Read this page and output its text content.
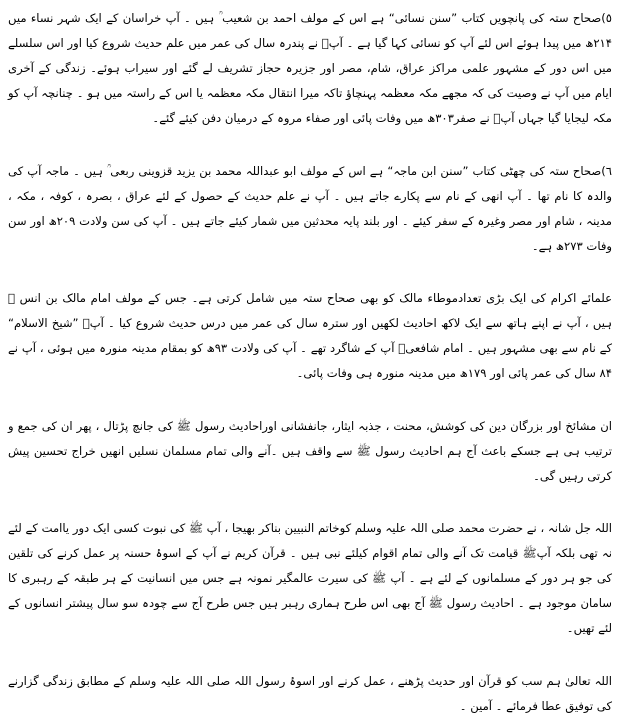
٥)صحاح ستہ کی پانچویں کتاب ”سنن نسائی“ ہے اس کے مولف احمد بن شعیب ؒ ہیں ۔ آپ خراسان کے ایک شہر نساء میں ۲۱۴ھ میں پیدا ہوئے اس لئے آپ کو نسائی کہا گیا ہے ۔ آپؒ نے پندرہ سال کی عمر میں علم حدیث شروع کیا اور اس سلسلے میں اس دور کے مشہور علمی مراکز عراق، شام، مصر اور جزیرہ حجاز تشریف لے گئے اور سیراب ہوئے۔ زندگی کے آخری ایام میں آپ نے وصیت کی کہ مجھے مکہ معظمہ پہنچاؤ تاکہ میرا انتقال مکہ معظمہ یا اس کے راستہ میں ہو ۔ چنانچہ آپ کو مکہ لیجایا گیا جہاں آپؒ نے صفر۳۰۳ھ میں وفات پائی اور صفاء مروہ کے درمیان دفن کیئے گئے۔

٦)صحاح ستہ کی چھٹی کتاب ”سنن ابن ماجہ“ ہے اس کے مولف ابو عبداللہ محمد بن یزید قزوینی ربعی ؒ ہیں ۔ ماجہ آپ کی والدہ کا نام تھا ۔ آپ انھی کے نام سے پکارے جاتے ہیں ۔ آپ نے علم حدیث کے حصول کے لئے عراق ، بصرہ ، کوفہ ، مکہ ، مدینہ ، شام اور مصر وغیرہ کے سفر کیئے ۔ اور بلند پایہ محدثین میں شمار کیئے جاتے ہیں ۔ آپ کی سن ولادت ۲۰۹ھ اور سن وفات ۲۷۳ھ ہے۔

علمائے اکرام کی ایک بڑی تعدادموطاء مالک کو بھی صحاح ستہ میں شامل کرتی ہے۔ جس کے مولف امام مالک بن انس ؒ ہیں ، آپ نے اپنے ہاتھ سے ایک لاکھ احادیث لکھیں اور سترہ سال کی عمر میں درس حدیث شروع کیا ۔ آپؒ ”شیخ الاسلام“ کے نام سے بھی مشہور ہیں ۔ امام شافعیؒ آپ کے شاگرد تھے ۔ آپ کی ولادت ۹۳ھ کو بمقام مدینہ منورہ میں ہوئی ، آپ نے ۸۴ سال کی عمر پائی اور ۱۷۹ھ میں مدینہ منورہ ہی وفات پائی۔

ان مشائخ اور بزرگان دین کی کوشش، محنت ، جذبہ ایثار، جانفشانی اوراحادیث رسول ﷺ کی جانچ پڑتال ، پھر ان کی جمع و ترتیب ہی ہے جسکے باعث آج ہم احادیث رسول ﷺ سے واقف ہیں ۔آنے والی تمام مسلمان نسلیں انھیں خراج تحسین پیش کرتی رہیں گی۔

اللہ جل شانہ ، نے حضرت محمد صلی اللہ علیہ وسلم کوخاتم النبیین بناکر بھیجا ، آپ ﷺ کی نبوت کسی ایک دور یاامت کے لئے نہ تھی بلکہ آپﷺ قیامت تک آنے والی تمام اقوام کیلئے نبی ہیں ۔ قرآن کریم نے آپ کے اسوۂ حسنہ پر عمل کرنے کی تلقین کی جو ہر دور کے مسلمانوں کے لئے ہے ۔ آپ ﷺ کی سیرت عالمگیر نمونہ ہے جس میں انسانیت کے ہر طبقہ کے رہبری کا سامان موجود ہے ۔ احادیث رسول ﷺ آج بھی اس طرح ہماری رہبر ہیں جس طرح آج سے چودہ سو سال پیشتر انسانوں کے لئے تھیں۔

اللہ تعالیٰ ہم سب کو قرآن اور حدیث پڑھنے ، عمل کرنے اور اسوۂ رسول اللہ صلی اللہ علیہ وسلم کے مطابق زندگی گزارنے کی توفیق عطا فرمائے ۔ آمین ۔
